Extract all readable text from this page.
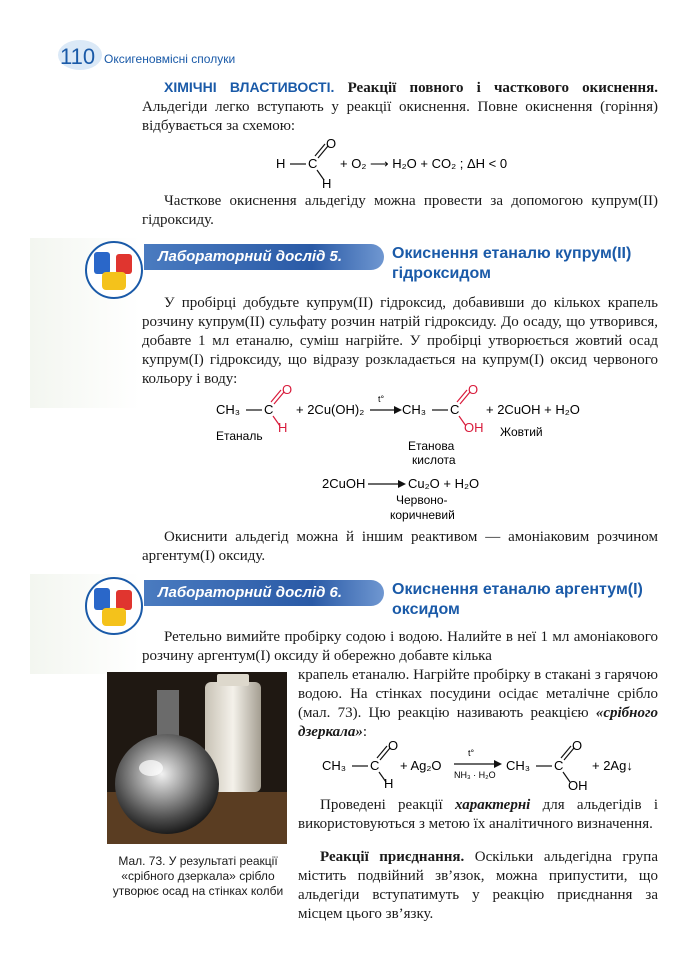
110 Оксигеновмісні сполуки
ХІМІЧНІ ВЛАСТИВОСТІ. Реакції повного і часткового окиснення. Альдегіди легко вступають у реакції окиснення. Повне окиснення (горіння) відбувається за схемою:
H C
O
H
+ O₂ ⟶ H₂O + CO₂ ; ΔH < 0
Часткове окиснення альдегіду можна провести за допомогою купрум(ІІ) гідроксиду.
Лабораторний дослід 5.	Окиснення етаналю купрум(ІІ)
гідроксидом
У пробірці добудьте купрум(ІІ) гідроксид, добавивши до кількох крапель розчину купрум(ІІ) сульфату розчин натрій гідроксиду. До осаду, що утворився, добавте 1 мл етаналю, суміш нагрійте. У пробірці утворюється жовтий осад купрум(І) гідроксиду, що відразу розкладається на купрум(І) оксид червоного кольору і воду:
CH₃ C
O
H
+ 2Cu(OH)₂
t°
CH₃ C
O
OH
+ 2CuOH + H₂O
Етаналь
Етанова
кислота
Жовтий
2CuOH	Cu₂O + H₂O
Червоно-
коричневий
Окиснити альдегід можна й іншим реактивом — амоніаковим розчином аргентум(І) оксиду.
Лабораторний дослід 6.	Окиснення етаналю аргентум(І)
оксидом
Ретельно вимийте пробірку содою і водою. Налийте в неї 1 мл амоніакового розчину аргентум(І) оксиду й обережно добавте кілька
крапель етаналю. Нагрійте пробірку в стакані з гарячою водою. На стінках посудини осідає металічне срібло (мал. 73). Цю реакцію називають реакцією «срібного дзеркала»:
Мал. 73. У результаті реакції «срібного дзеркала» срібло утворює осад на стінках колби
CH₃ C
O
H
+ Ag₂O
t°
NH₃ · H₂O
CH₃ C
O
OH
+ 2Ag↓
Проведені реакції характерні для альдегідів і використовуються з метою їх аналітичного визначення.
Реакції приєднання. Оскільки альдегідна група містить подвійний зв’язок, можна припустити, що альдегіди вступатимуть у реакцію приєднання за місцем цього зв’язку.
